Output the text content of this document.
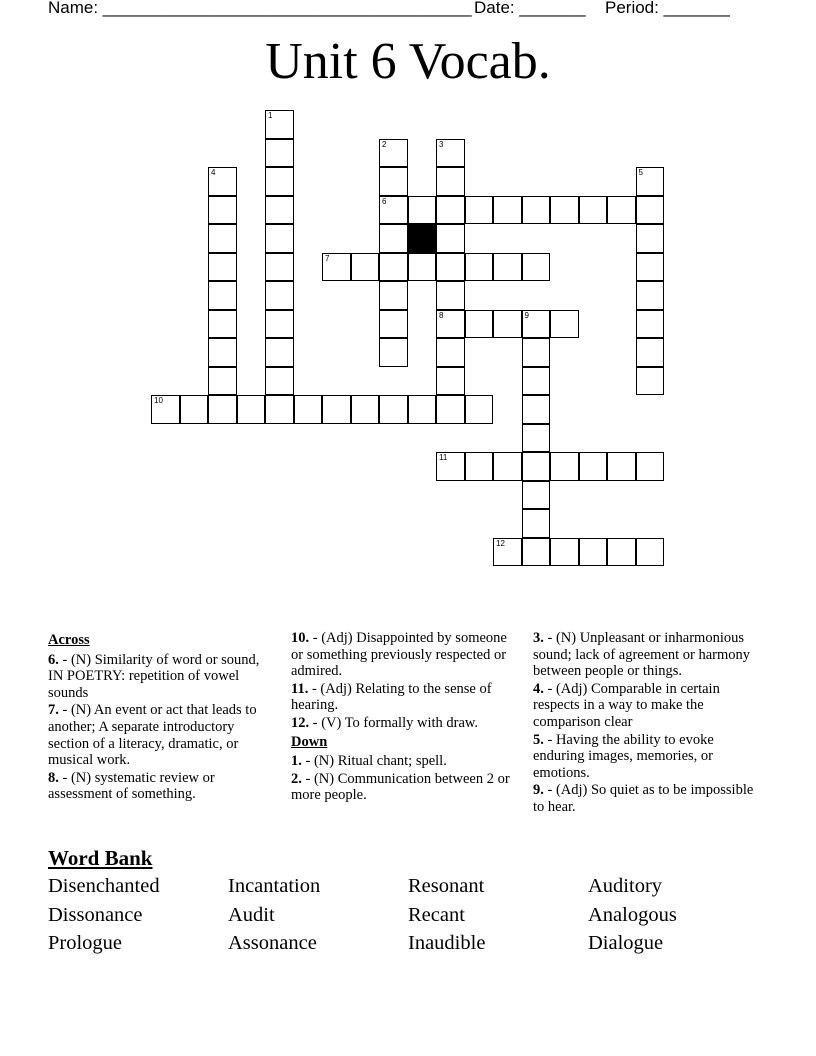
Name: _______________________________________ Date: _______ Period: _______
Unit 6 Vocab.
1
2
6
3
8
4	5
7
9
10
11
12
Across
6. - (N) Similarity of word or sound, IN POETRY: repetition of vowel sounds
7. - (N) An event or act that leads to another; A separate introductory section of a literacy, dramatic, or musical work.
8. - (N) systematic review or assessment of something.
10. - (Adj) Disappointed by someone or something previously respected or admired.
11. - (Adj) Relating to the sense of hearing.
12. - (V) To formally with draw.
Down
1. - (N) Ritual chant; spell.
2. - (N) Communication between 2 or more people.
3. - (N) Unpleasant or inharmonious sound; lack of agreement or harmony between people or things.
4. - (Adj) Comparable in certain respects in a way to make the comparison clear
5. - Having the ability to evoke enduring images, memories, or emotions.
9. - (Adj) So quiet as to be impossible to hear.
Word Bank
Disenchanted	Incantation	Resonant	Auditory
Dissonance	Audit	Recant	Analogous
Prologue	Assonance	Inaudible	Dialogue
